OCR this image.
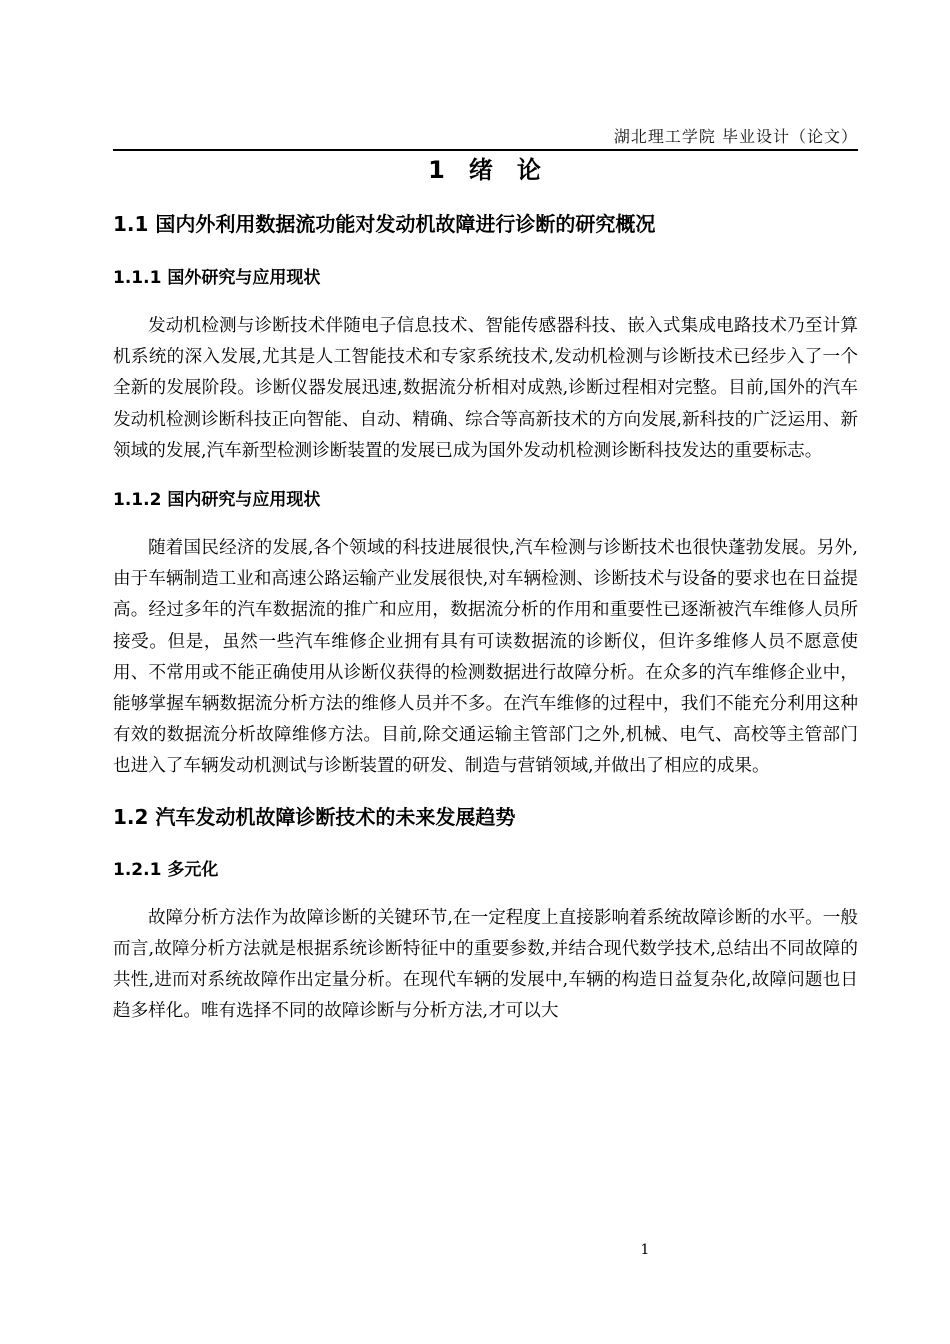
湖北理工学院 毕业设计（论文）
1 绪 论
1.1 国内外利用数据流功能对发动机故障进行诊断的研究概况
1.1.1 国外研究与应用现状

发动机检测与诊断技术伴随电子信息技术、智能传感器科技、嵌入式集成电路技术乃至计算机系统的深入发展,尤其是人工智能技术和专家系统技术,发动机检测与诊断技术已经步入了一个全新的发展阶段。诊断仪器发展迅速,数据流分析相对成熟,诊断过程相对完整。目前,国外的汽车发动机检测诊断科技正向智能、自动、精确、综合等高新技术的方向发展,新科技的广泛运用、新领域的发展,汽车新型检测诊断装置的发展已成为国外发动机检测诊断科技发达的重要标志。

1.1.2 国内研究与应用现状

随着国民经济的发展,各个领域的科技进展很快,汽车检测与诊断技术也很快蓬勃发展。另外,由于车辆制造工业和高速公路运输产业发展很快,对车辆检测、诊断技术与设备的要求也在日益提高。经过多年的汽车数据流的推广和应用，数据流分析的作用和重要性已逐渐被汽车维修人员所接受。但是，虽然一些汽车维修企业拥有具有可读数据流的诊断仪，但许多维修人员不愿意使用、不常用或不能正确使用从诊断仪获得的检测数据进行故障分析。在众多的汽车维修企业中，能够掌握车辆数据流分析方法的维修人员并不多。在汽车维修的过程中，我们不能充分利用这种有效的数据流分析故障维修方法。目前,除交通运输主管部门之外,机械、电气、高校等主管部门也进入了车辆发动机测试与诊断装置的研发、制造与营销领域,并做出了相应的成果。

1.2 汽车发动机故障诊断技术的未来发展趋势
1.2.1 多元化

故障分析方法作为故障诊断的关键环节,在一定程度上直接影响着系统故障诊断的水平。一般而言,故障分析方法就是根据系统诊断特征中的重要参数,并结合现代数学技术,总结出不同故障的共性,进而对系统故障作出定量分析。在现代车辆的发展中,车辆的构造日益复杂化,故障问题也日趋多样化。唯有选择不同的故障诊断与分析方法,才可以大

1
